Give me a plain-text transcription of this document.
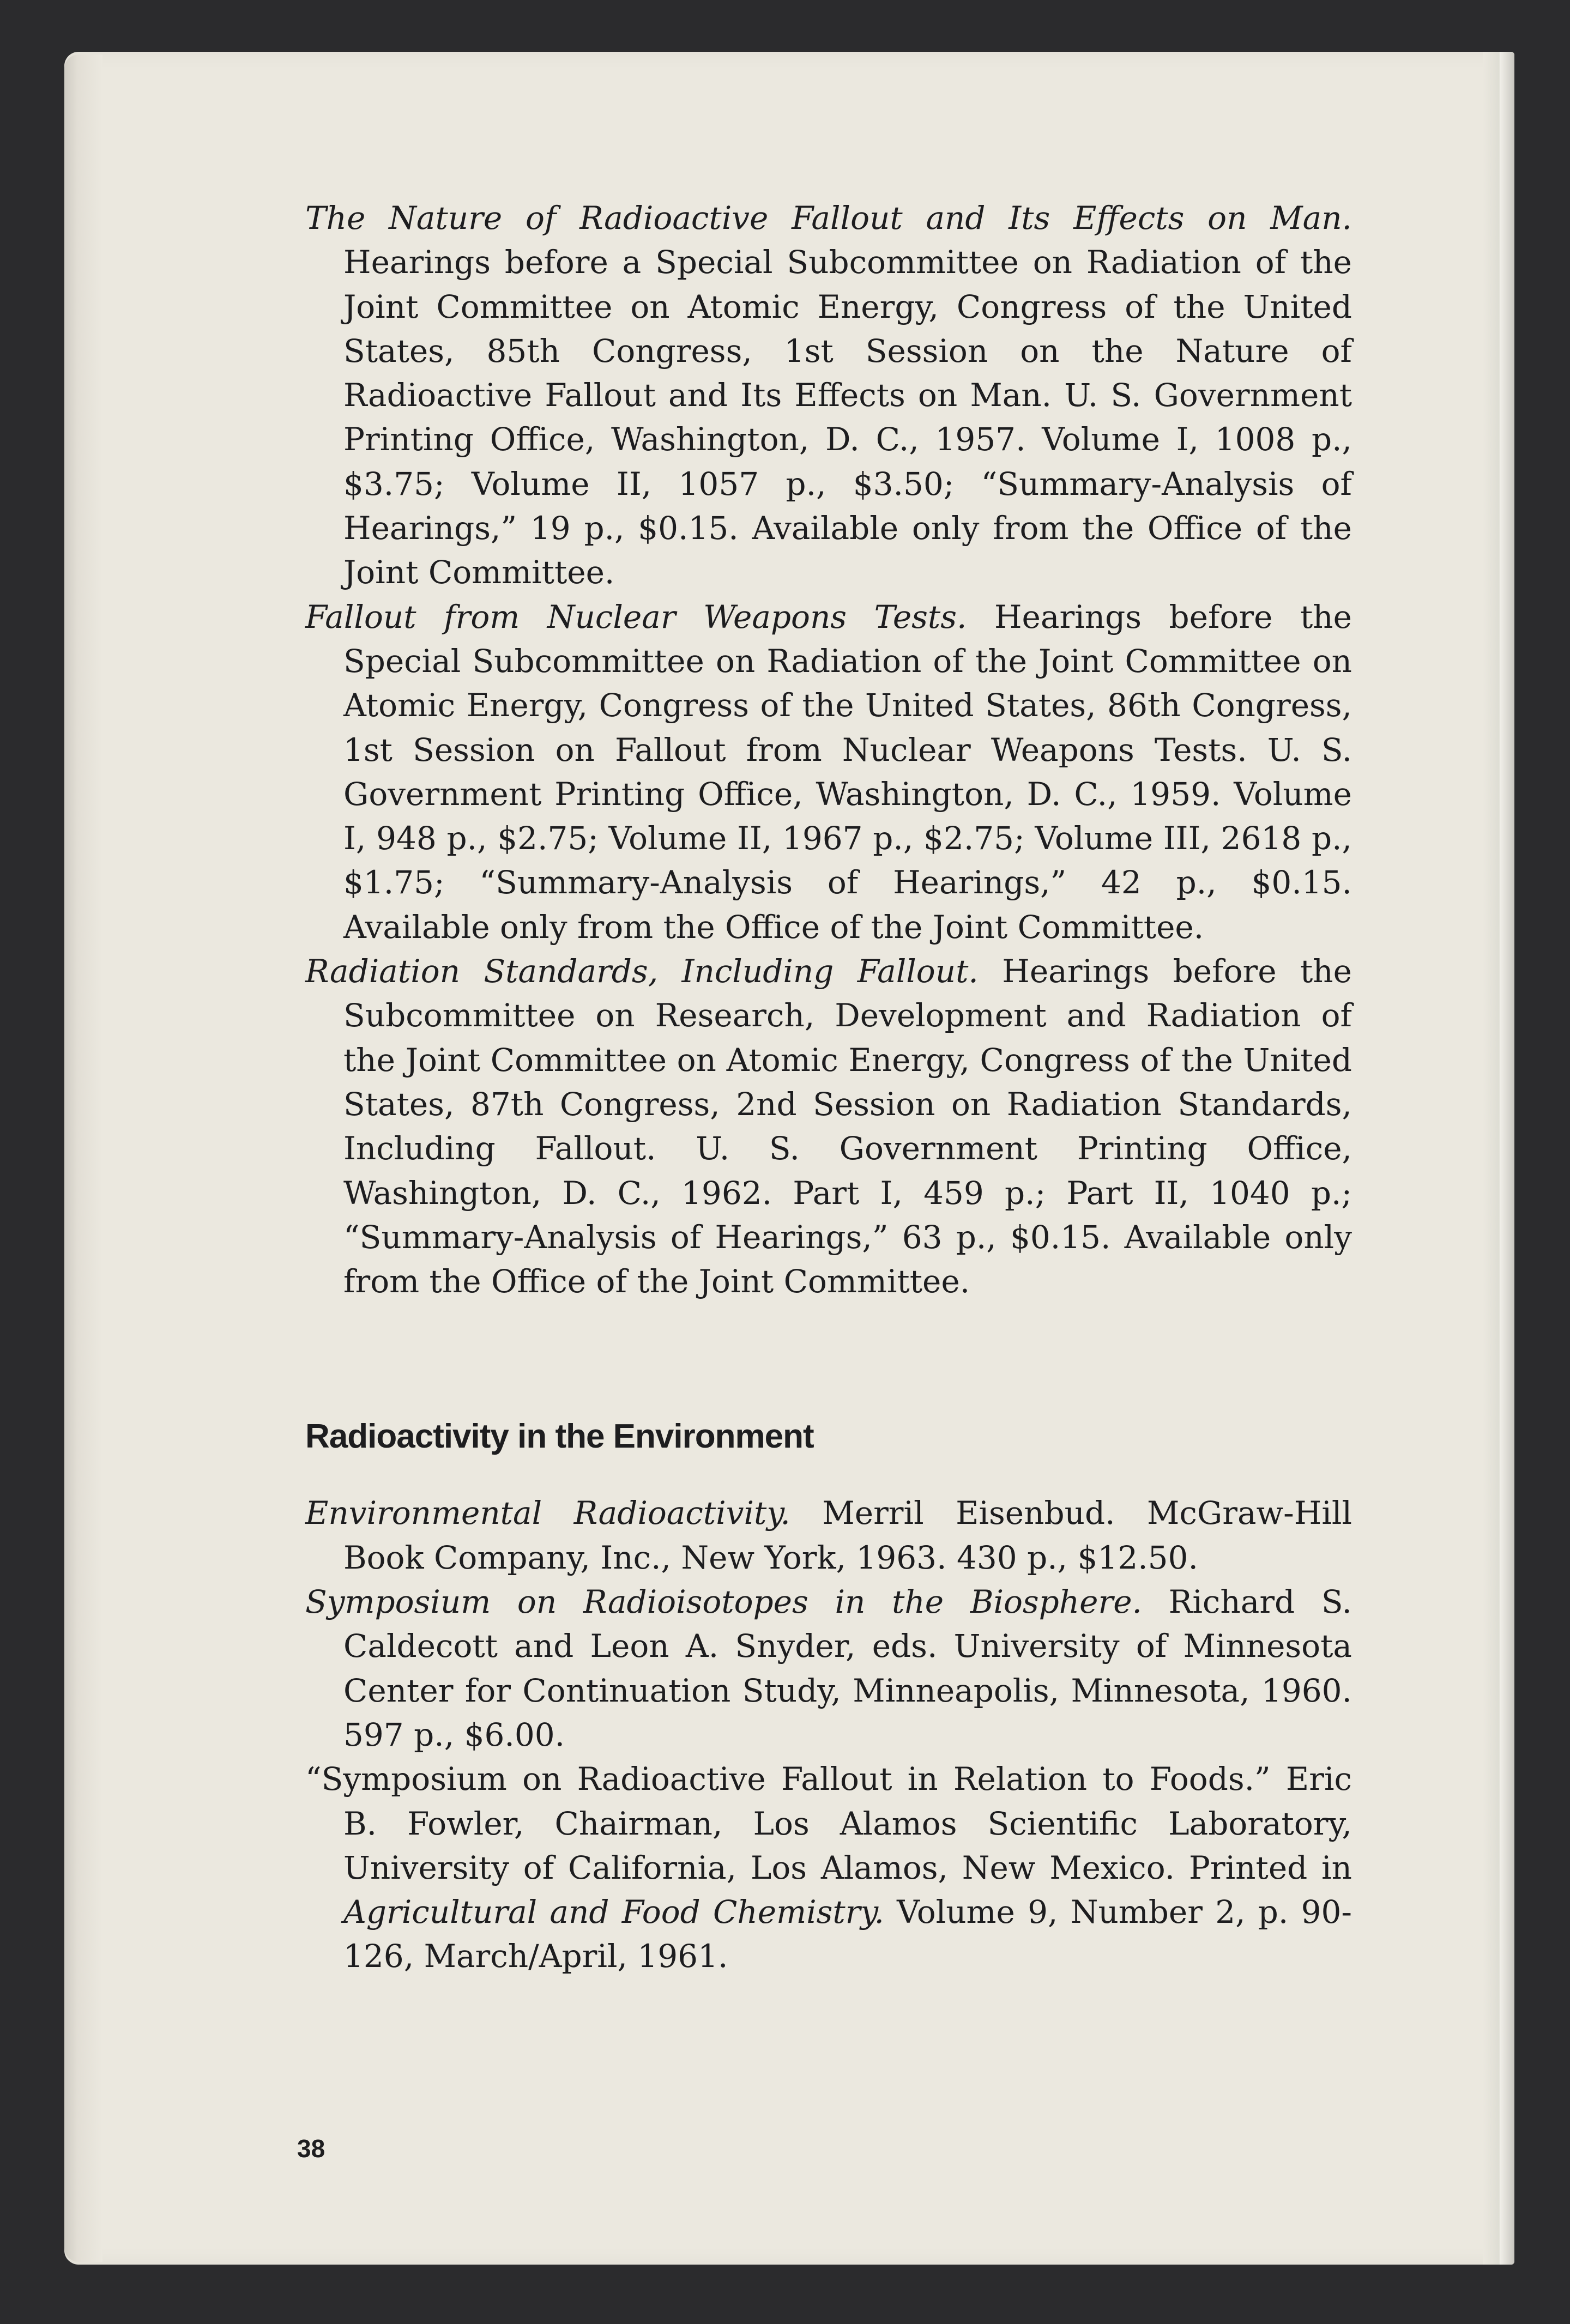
The Nature of Radioactive Fallout and Its Effects on Man. Hearings before a Special Subcommittee on Radiation of the Joint Committee on Atomic Energy, Congress of the United States, 85th Congress, 1st Session on the Nature of Radioactive Fallout and Its Effects on Man. U. S. Government Printing Office, Washington, D. C., 1957. Volume I, 1008 p., $3.75; Volume II, 1057 p., $3.50; “Summary-Analysis of Hearings,” 19 p., $0.15. Available only from the Office of the Joint Committee.

Fallout from Nuclear Weapons Tests. Hearings before the Special Subcommittee on Radiation of the Joint Committee on Atomic Energy, Congress of the United States, 86th Congress, 1st Session on Fallout from Nuclear Weapons Tests. U. S. Government Printing Office, Washington, D. C., 1959. Volume I, 948 p., $2.75; Volume II, 1967 p., $2.75; Volume III, 2618 p., $1.75; “Summary-Analysis of Hearings,” 42 p., $0.15. Available only from the Office of the Joint Committee.

Radiation Standards, Including Fallout. Hearings before the Subcommittee on Research, Development and Radiation of the Joint Committee on Atomic Energy, Congress of the United States, 87th Congress, 2nd Session on Radiation Standards, Including Fallout. U. S. Government Printing Office, Washington, D. C., 1962. Part I, 459 p.; Part II, 1040 p.; “Summary-Analysis of Hearings,” 63 p., $0.15. Available only from the Office of the Joint Committee.

Radioactivity in the Environment

Environmental Radioactivity. Merril Eisenbud. McGraw-Hill Book Company, Inc., New York, 1963. 430 p., $12.50.

Symposium on Radioisotopes in the Biosphere. Richard S. Caldecott and Leon A. Snyder, eds. University of Minnesota Center for Continuation Study, Minneapolis, Minnesota, 1960. 597 p., $6.00.

“Symposium on Radioactive Fallout in Relation to Foods.” Eric B. Fowler, Chairman, Los Alamos Scientific Laboratory, University of California, Los Alamos, New Mexico. Printed in Agricultural and Food Chemistry. Volume 9, Number 2, p. 90-126, March/April, 1961.

38
